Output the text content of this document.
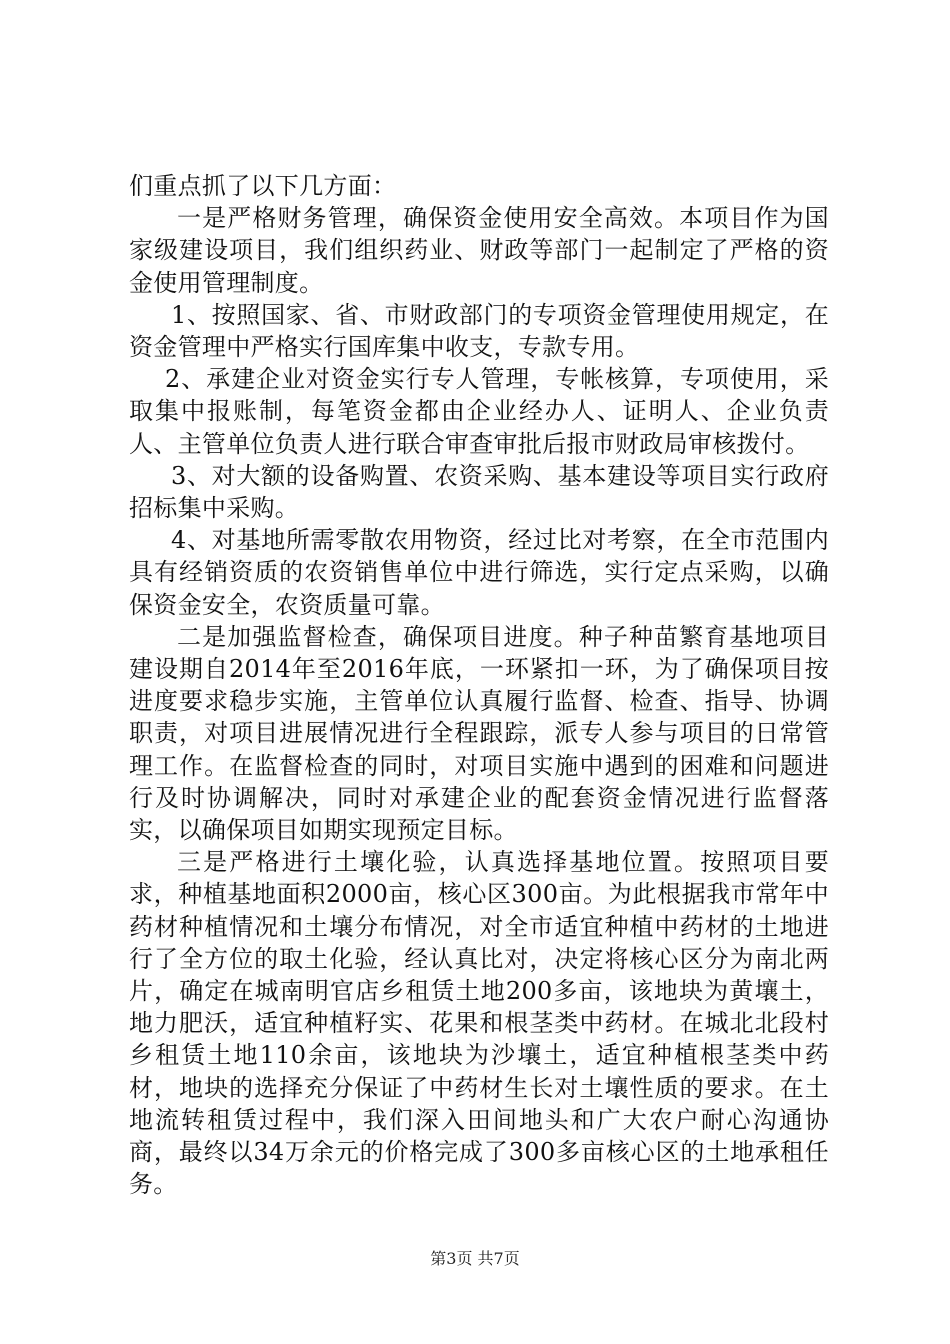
们重点抓了以下几方面：

一是严格财务管理，确保资金使用安全高效。本项目作为国家级建设项目，我们组织药业、财政等部门一起制定了严格的资金使用管理制度。

1、按照国家、省、市财政部门的专项资金管理使用规定，在资金管理中严格实行国库集中收支，专款专用。

2、承建企业对资金实行专人管理，专帐核算，专项使用，采取集中报账制，每笔资金都由企业经办人、证明人、企业负责人、主管单位负责人进行联合审查审批后报市财政局审核拨付。

3、对大额的设备购置、农资采购、基本建设等项目实行政府招标集中采购。

4、对基地所需零散农用物资，经过比对考察，在全市范围内具有经销资质的农资销售单位中进行筛选，实行定点采购，以确保资金安全，农资质量可靠。

二是加强监督检查，确保项目进度。种子种苗繁育基地项目建设期自2014年至2016年底，一环紧扣一环，为了确保项目按进度要求稳步实施，主管单位认真履行监督、检查、指导、协调职责，对项目进展情况进行全程跟踪，派专人参与项目的日常管理工作。在监督检查的同时，对项目实施中遇到的困难和问题进行及时协调解决，同时对承建企业的配套资金情况进行监督落实，以确保项目如期实现预定目标。

三是严格进行土壤化验，认真选择基地位置。按照项目要求，种植基地面积2000亩，核心区300亩。为此根据我市常年中药材种植情况和土壤分布情况，对全市适宜种植中药材的土地进行了全方位的取土化验，经认真比对，决定将核心区分为南北两片，确定在城南明官店乡租赁土地200多亩，该地块为黄壤土，地力肥沃，适宜种植籽实、花果和根茎类中药材。在城北北段村乡租赁土地110余亩，该地块为沙壤土，适宜种植根茎类中药材，地块的选择充分保证了中药材生长对土壤性质的要求。在土地流转租赁过程中，我们深入田间地头和广大农户耐心沟通协商，最终以34万余元的价格完成了300多亩核心区的土地承租任务。

第3页 共7页
